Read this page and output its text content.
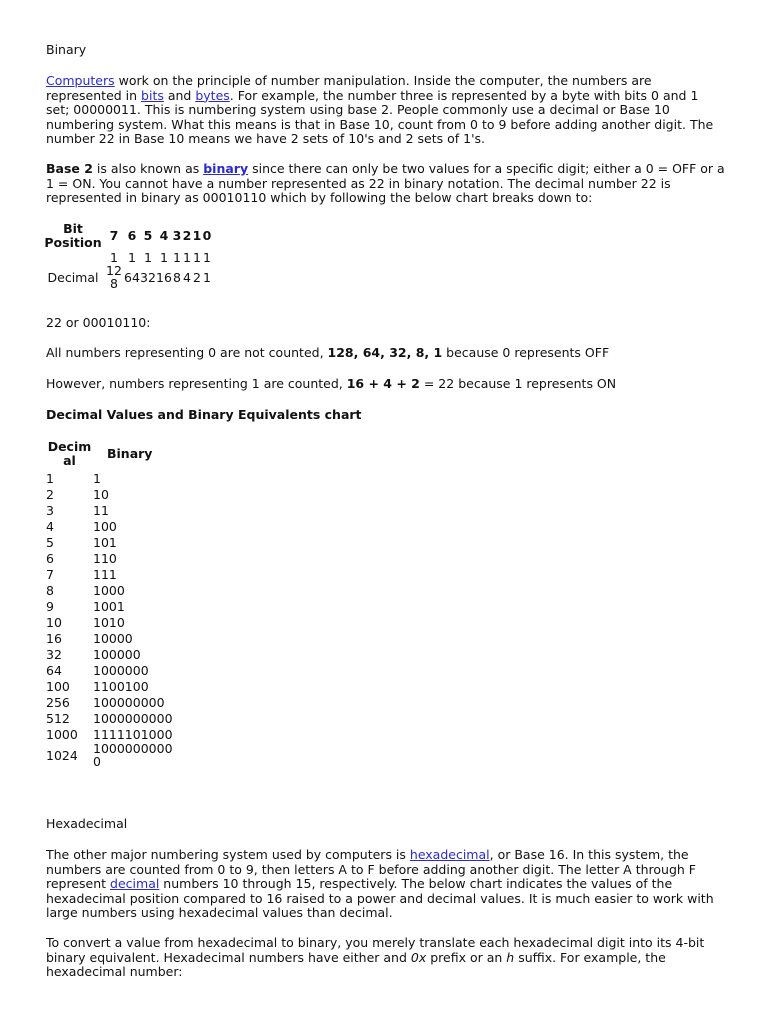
Binary

Computers work on the principle of number manipulation. Inside the computer, the numbers are represented in bits and bytes. For example, the number three is represented by a byte with bits 0 and 1 set; 00000011. This is numbering system using base 2. People commonly use a decimal or Base 10 numbering system. What this means is that in Base 10, count from 0 to 9 before adding another digit. The number 22 in Base 10 means we have 2 sets of 10's and 2 sets of 1's.

Base 2 is also known as binary since there can only be two values for a specific digit; either a 0 = OFF or a 1 = ON. You cannot have a number represented as 22 in binary notation. The decimal number 22 is represented in binary as 00010110 which by following the below chart breaks down to:

Bit Position	7	6	5	4	3	2	1	0
	1	1	1	1	1	1	1	1
Decimal	128	64	32	16	8	4	2	1

22 or 00010110:

All numbers representing 0 are not counted, 128, 64, 32, 8, 1 because 0 represents OFF

However, numbers representing 1 are counted, 16 + 4 + 2 = 22 because 1 represents ON

Decimal Values and Binary Equivalents chart

Decimal	Binary
1	1
2	10
3	11
4	100
5	101
6	110
7	111
8	1000
9	1001
10	1010
16	10000
32	100000
64	1000000
100	1100100
256	100000000
512	1000000000
1000	1111101000
1024	10000000000

Hexadecimal

The other major numbering system used by computers is hexadecimal, or Base 16. In this system, the numbers are counted from 0 to 9, then letters A to F before adding another digit. The letter A through F represent decimal numbers 10 through 15, respectively. The below chart indicates the values of the hexadecimal position compared to 16 raised to a power and decimal values. It is much easier to work with large numbers using hexadecimal values than decimal.

To convert a value from hexadecimal to binary, you merely translate each hexadecimal digit into its 4-bit binary equivalent. Hexadecimal numbers have either and 0x prefix or an h suffix. For example, the hexadecimal number:
